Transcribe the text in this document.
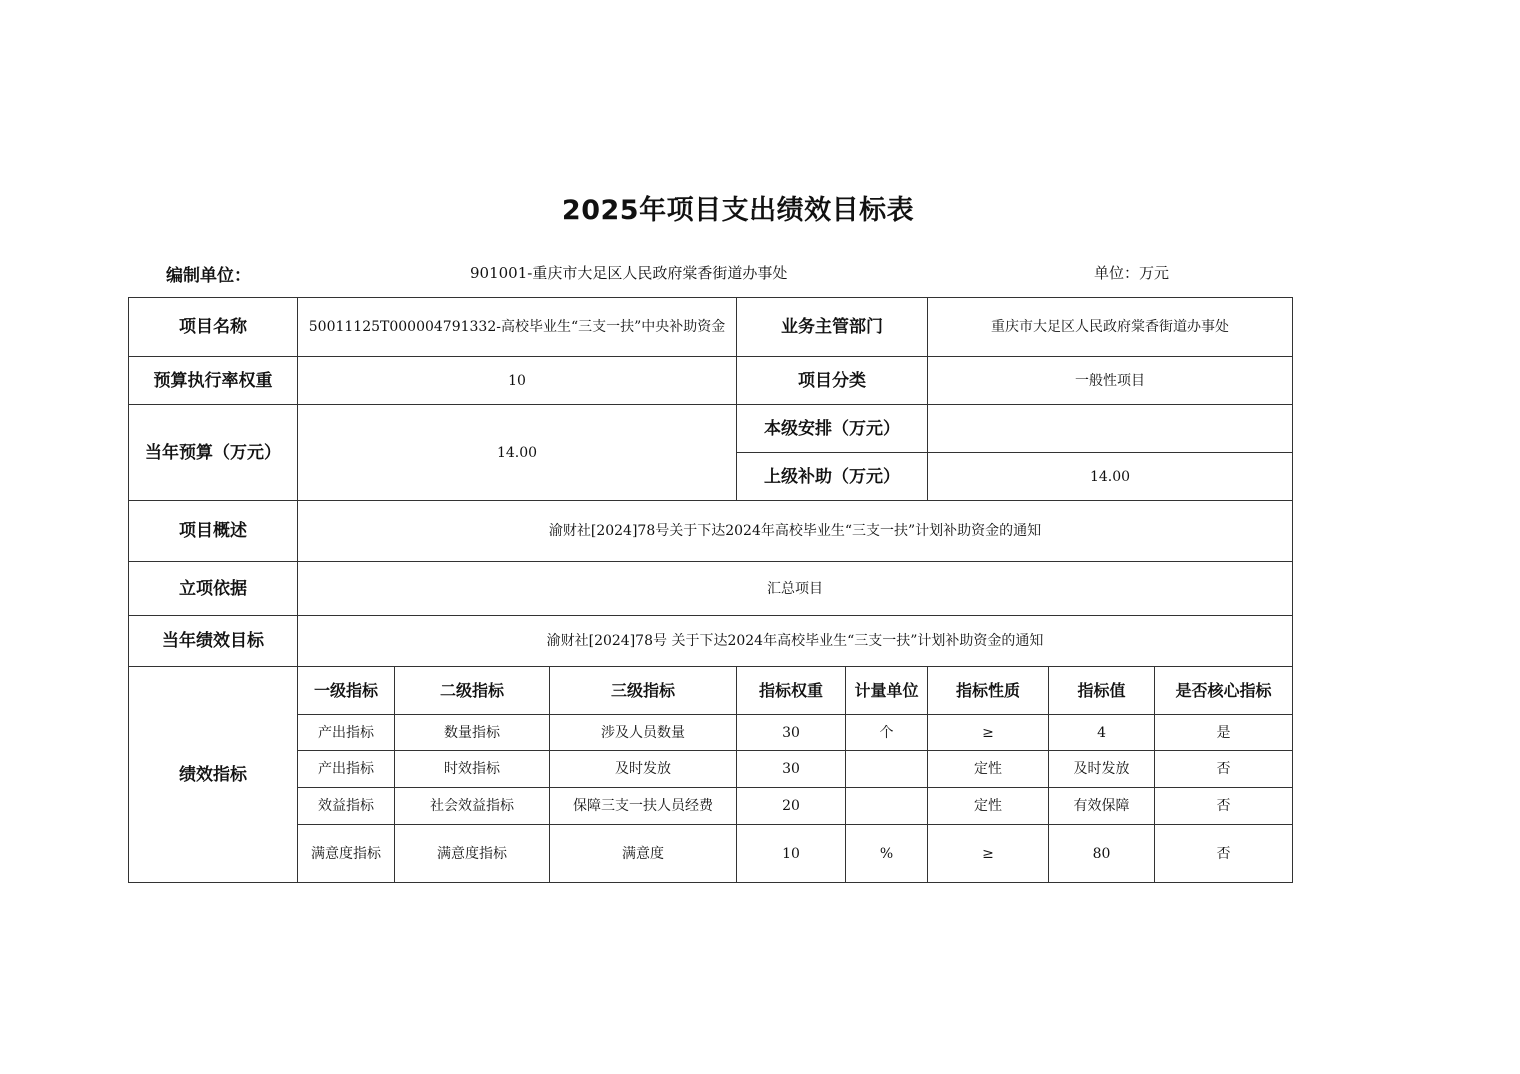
2025年项目支出绩效目标表
编制单位：	901001-重庆市大足区人民政府棠香街道办事处	单位：万元
项目名称	50011125T000004791332-高校毕业生“三支一扶”中央补助资金			业务主管部门		重庆市大足区人民政府棠香街道办事处		
预算执行率权重	10			项目分类		一般性项目		
当年预算（万元）	14.00			本级安排（万元）				
				上级补助（万元）		14.00		
项目概述	渝财社[2024]78号关于下达2024年高校毕业生“三支一扶”计划补助资金的通知							
立项依据	汇总项目							
当年绩效目标	渝财社[2024]78号 关于下达2024年高校毕业生“三支一扶”计划补助资金的通知							
绩效指标	一级指标	二级指标	三级指标	指标权重	计量单位	指标性质	指标值	是否核心指标
	产出指标	数量指标	涉及人员数量	30	个	≥	4	是
	产出指标	时效指标	及时发放	30		定性	及时发放	否
	效益指标	社会效益指标	保障三支一扶人员经费	20		定性	有效保障	否
	满意度指标	满意度指标	满意度	10	%	≥	80	否
